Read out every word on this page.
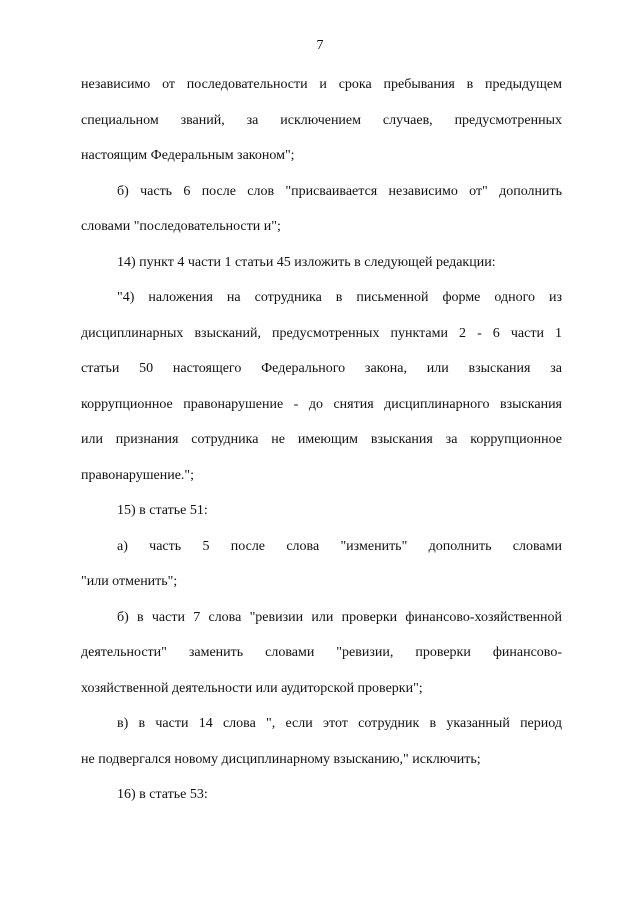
7
независимо от последовательности и срока пребывания в предыдущем
специальном званий, за исключением случаев, предусмотренных
настоящим Федеральным законом";
б) часть 6 после слов "присваивается независимо от" дополнить
словами "последовательности и";
14) пункт 4 части 1 статьи 45 изложить в следующей редакции:
"4) наложения на сотрудника в письменной форме одного из
дисциплинарных взысканий, предусмотренных пунктами 2 - 6 части 1
статьи 50 настоящего Федерального закона, или взыскания за
коррупционное правонарушение - до снятия дисциплинарного взыскания
или признания сотрудника не имеющим взыскания за коррупционное
правонарушение.";
15) в статье 51:
а) часть 5 после слова "изменить" дополнить словами
"или отменить";
б) в части 7 слова "ревизии или проверки финансово-хозяйственной
деятельности" заменить словами "ревизии, проверки финансово-
хозяйственной деятельности или аудиторской проверки";
в) в части 14 слова ", если этот сотрудник в указанный период
не подвергался новому дисциплинарному взысканию," исключить;
16) в статье 53:
